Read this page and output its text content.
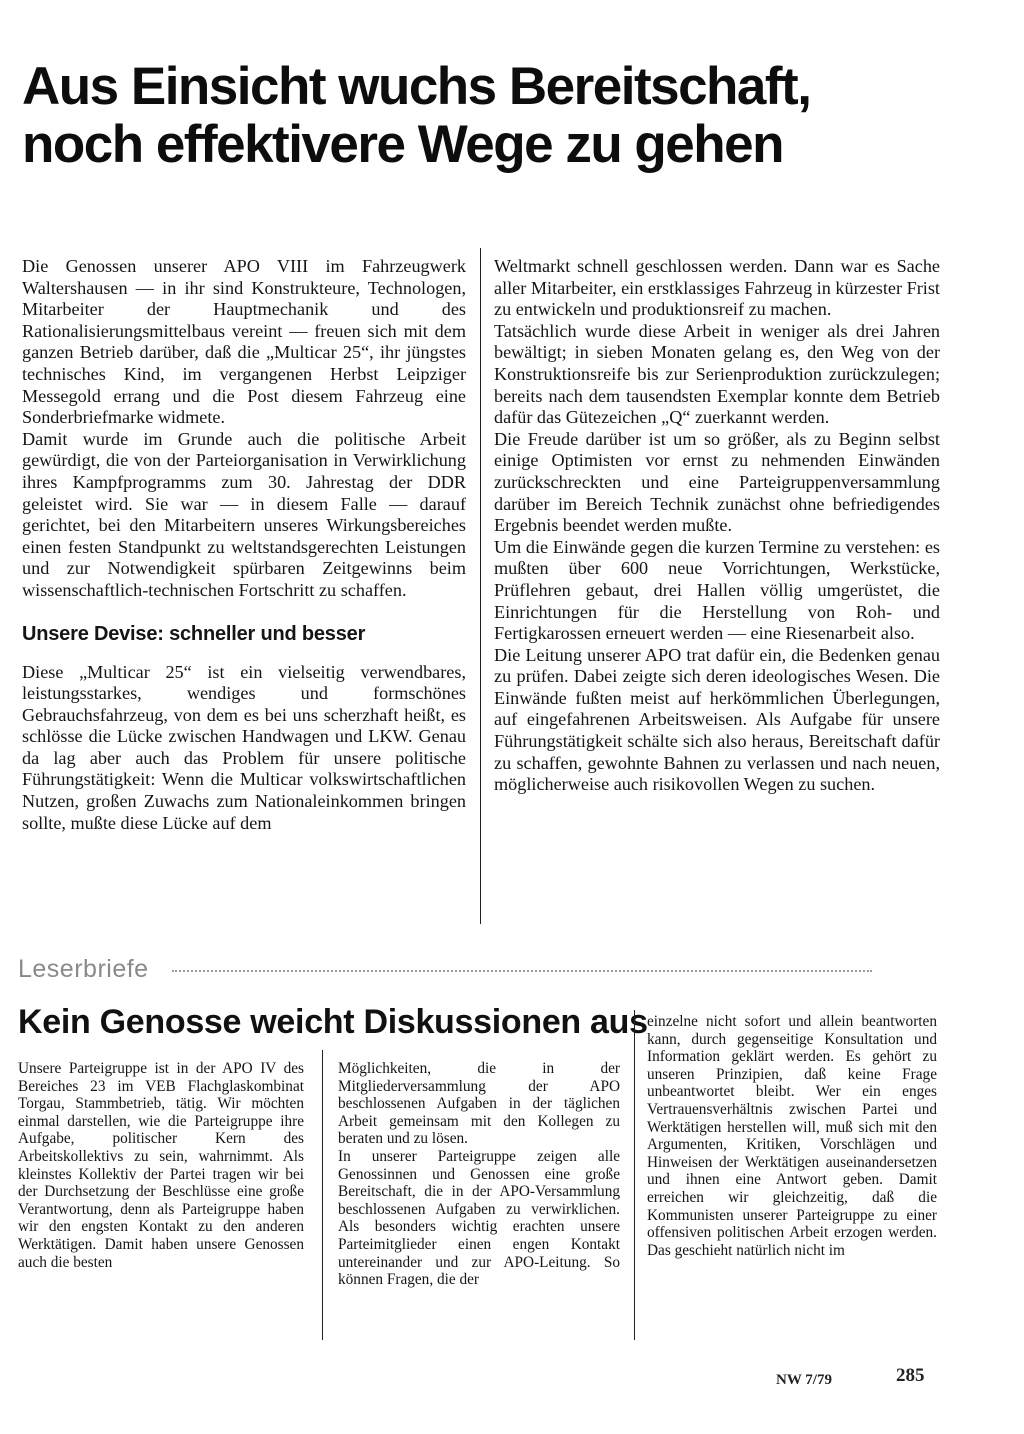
Aus Einsicht wuchs Bereitschaft,
noch effektivere Wege zu gehen

Die Genossen unserer APO VIII im Fahrzeugwerk Waltershausen — in ihr sind Konstrukteure, Technologen, Mitarbeiter der Hauptmechanik und des Rationalisierungsmittelbaus vereint — freuen sich mit dem ganzen Betrieb darüber, daß die „Multicar 25“, ihr jüngstes technisches Kind, im vergangenen Herbst Leipziger Messegold errang und die Post diesem Fahrzeug eine Sonderbriefmarke widmete.

Damit wurde im Grunde auch die politische Arbeit gewürdigt, die von der Parteiorganisation in Verwirklichung ihres Kampfprogramms zum 30. Jahrestag der DDR geleistet wird. Sie war — in diesem Falle — darauf gerichtet, bei den Mitarbeitern unseres Wirkungsbereiches einen festen Standpunkt zu weltstandsgerechten Leistungen und zur Notwendigkeit spürbaren Zeitgewinns beim wissenschaftlich-technischen Fortschritt zu schaffen.

Unsere Devise: schneller und besser

Diese „Multicar 25“ ist ein vielseitig verwendbares, leistungsstarkes, wendiges und formschönes Gebrauchsfahrzeug, von dem es bei uns scherzhaft heißt, es schlösse die Lücke zwischen Handwagen und LKW. Genau da lag aber auch das Problem für unsere politische Führungstätigkeit: Wenn die Multicar volkswirtschaftlichen Nutzen, großen Zuwachs zum Nationaleinkommen bringen sollte, mußte diese Lücke auf dem

Weltmarkt schnell geschlossen werden. Dann war es Sache aller Mitarbeiter, ein erstklassiges Fahrzeug in kürzester Frist zu entwickeln und produktionsreif zu machen.

Tatsächlich wurde diese Arbeit in weniger als drei Jahren bewältigt; in sieben Monaten gelang es, den Weg von der Konstruktionsreife bis zur Serienproduktion zurückzulegen; bereits nach dem tausendsten Exemplar konnte dem Betrieb dafür das Gütezeichen „Q“ zuerkannt werden.

Die Freude darüber ist um so größer, als zu Beginn selbst einige Optimisten vor ernst zu nehmenden Einwänden zurückschreckten und eine Parteigruppenversammlung darüber im Bereich Technik zunächst ohne befriedigendes Ergebnis beendet werden mußte.

Um die Einwände gegen die kurzen Termine zu verstehen: es mußten über 600 neue Vorrichtungen, Werkstücke, Prüflehren gebaut, drei Hallen völlig umgerüstet, die Einrichtungen für die Herstellung von Roh- und Fertigkarossen erneuert werden — eine Riesenarbeit also.

Die Leitung unserer APO trat dafür ein, die Bedenken genau zu prüfen. Dabei zeigte sich deren ideologisches Wesen. Die Einwände fußten meist auf herkömmlichen Überlegungen, auf eingefahrenen Arbeitsweisen. Als Aufgabe für unsere Führungstätigkeit schälte sich also heraus, Bereitschaft dafür zu schaffen, gewohnte Bahnen zu verlassen und nach neuen, möglicherweise auch risikovollen Wegen zu suchen.

Leserbriefe
Kein Genosse weicht Diskussionen aus

Unsere Parteigruppe ist in der APO IV des Bereiches 23 im VEB Flachglaskombinat Torgau, Stammbetrieb, tätig. Wir möchten einmal darstellen, wie die Parteigruppe ihre Aufgabe, politischer Kern des Arbeitskollektivs zu sein, wahrnimmt. Als kleinstes Kollektiv der Partei tragen wir bei der Durchsetzung der Beschlüsse eine große Verantwortung, denn als Parteigruppe haben wir den engsten Kontakt zu den anderen Werktätigen. Damit haben unsere Genossen auch die besten

Möglichkeiten, die in der Mitgliederversammlung der APO beschlossenen Aufgaben in der täglichen Arbeit gemeinsam mit den Kollegen zu beraten und zu lösen.

In unserer Parteigruppe zeigen alle Genossinnen und Genossen eine große Bereitschaft, die in der APO-Versammlung beschlossenen Aufgaben zu verwirklichen. Als besonders wichtig erachten unsere Parteimitglieder einen engen Kontakt untereinander und zur APO-Leitung. So können Fragen, die der

einzelne nicht sofort und allein beantworten kann, durch gegenseitige Konsultation und Information geklärt werden. Es gehört zu unseren Prinzipien, daß keine Frage unbeantwortet bleibt. Wer ein enges Vertrauensverhältnis zwischen Partei und Werktätigen herstellen will, muß sich mit den Argumenten, Kritiken, Vorschlägen und Hinweisen der Werktätigen auseinandersetzen und ihnen eine Antwort geben. Damit erreichen wir gleichzeitig, daß die Kommunisten unserer Parteigruppe zu einer offensiven politischen Arbeit erzogen werden. Das geschieht natürlich nicht im

NW 7/79	285
